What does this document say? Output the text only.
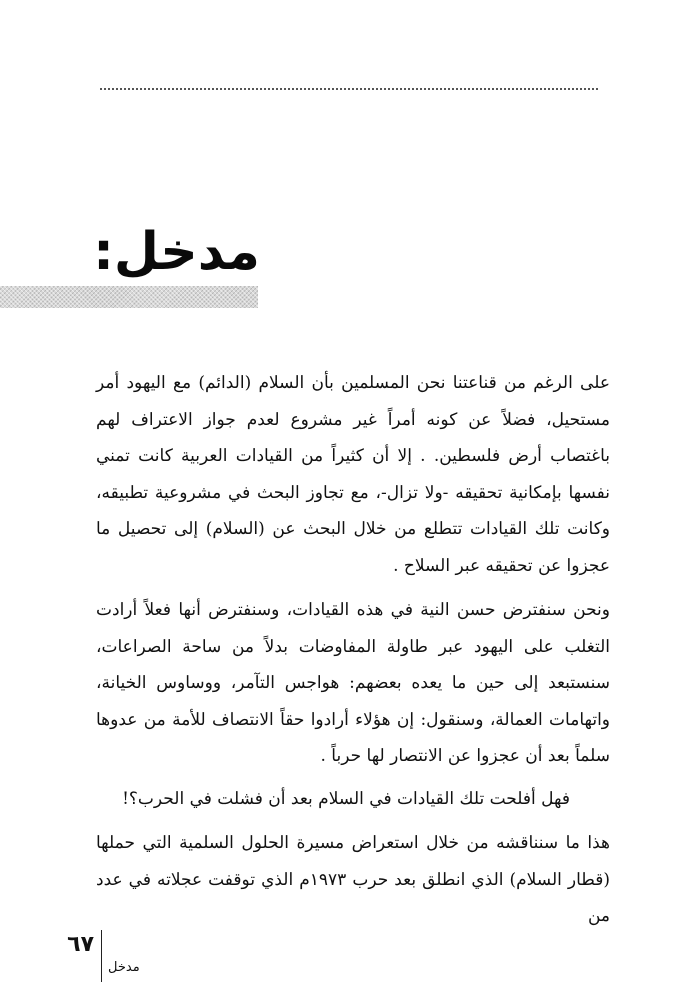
مدخل:

على الرغم من قناعتنا نحن المسلمين بأن السلام (الدائم) مع اليهود أمر مستحيل، فضلاً عن كونه أمراً غير مشروع لعدم جواز الاعتراف لهم باغتصاب أرض فلسطين. . إلا أن كثيراً من القيادات العربية كانت تمني نفسها بإمكانية تحقيقه -ولا تزال-، مع تجاوز البحث في مشروعية تطبيقه، وكانت تلك القيادات تتطلع من خلال البحث عن (السلام) إلى تحصيل ما عجزوا عن تحقيقه عبر السلاح .

ونحن سنفترض حسن النية في هذه القيادات، وسنفترض أنها فعلاً أرادت التغلب على اليهود عبر طاولة المفاوضات بدلاً من ساحة الصراعات، سنستبعد إلى حين ما يعده بعضهم: هواجس التآمر، ووساوس الخيانة، واتهامات العمالة، وسنقول: إن هؤلاء أرادوا حقاً الانتصاف للأمة من عدوها سلماً بعد أن عجزوا عن الانتصار لها حرباً .

فهل أفلحت تلك القيادات في السلام بعد أن فشلت في الحرب؟!

هذا ما سنناقشه من خلال استعراض مسيرة الحلول السلمية التي حملها (قطار السلام) الذي انطلق بعد حرب ١٩٧٣م الذي توقفت عجلاته في عدد من

٦٧
مدخل
